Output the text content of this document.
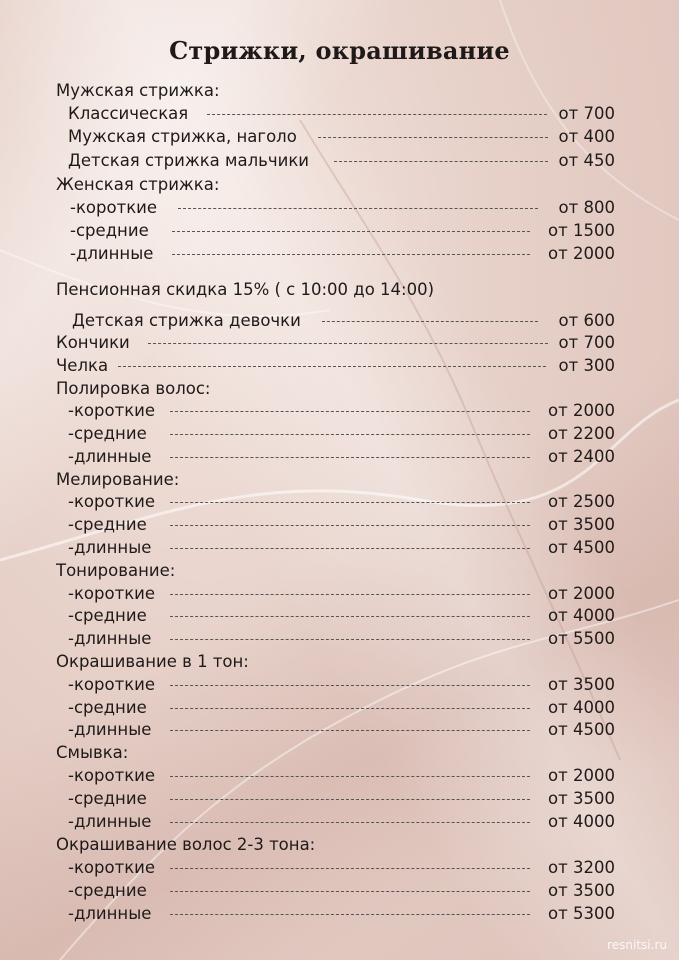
Стрижки, окрашивание
Мужская стрижка:
Классическая	от 700
Мужская стрижка, наголо	от 400
Детская стрижка мальчики	от 450
Женская стрижка:
-короткие	от 800
-средние	от 1500
-длинные	от 2000
Пенсионная скидка 15% ( с 10:00 до 14:00)
Детская стрижка девочки	от 600
Кончики	от 700
Челка	от 300
Полировка волос:
-короткие	от 2000
-средние	от 2200
-длинные	от 2400
Мелирование:
-короткие	от 2500
-средние	от 3500
-длинные	от 4500
Тонирование:
-короткие	от 2000
-средние	от 4000
-длинные	от 5500
Окрашивание в 1 тон:
-короткие	от 3500
-средние	от 4000
-длинные	от 4500
Смывка:
-короткие	от 2000
-средние	от 3500
-длинные	от 4000
Окрашивание волос 2-3 тона:
-короткие	от 3200
-средние	от 3500
-длинные	от 5300
resnitsi.ru
